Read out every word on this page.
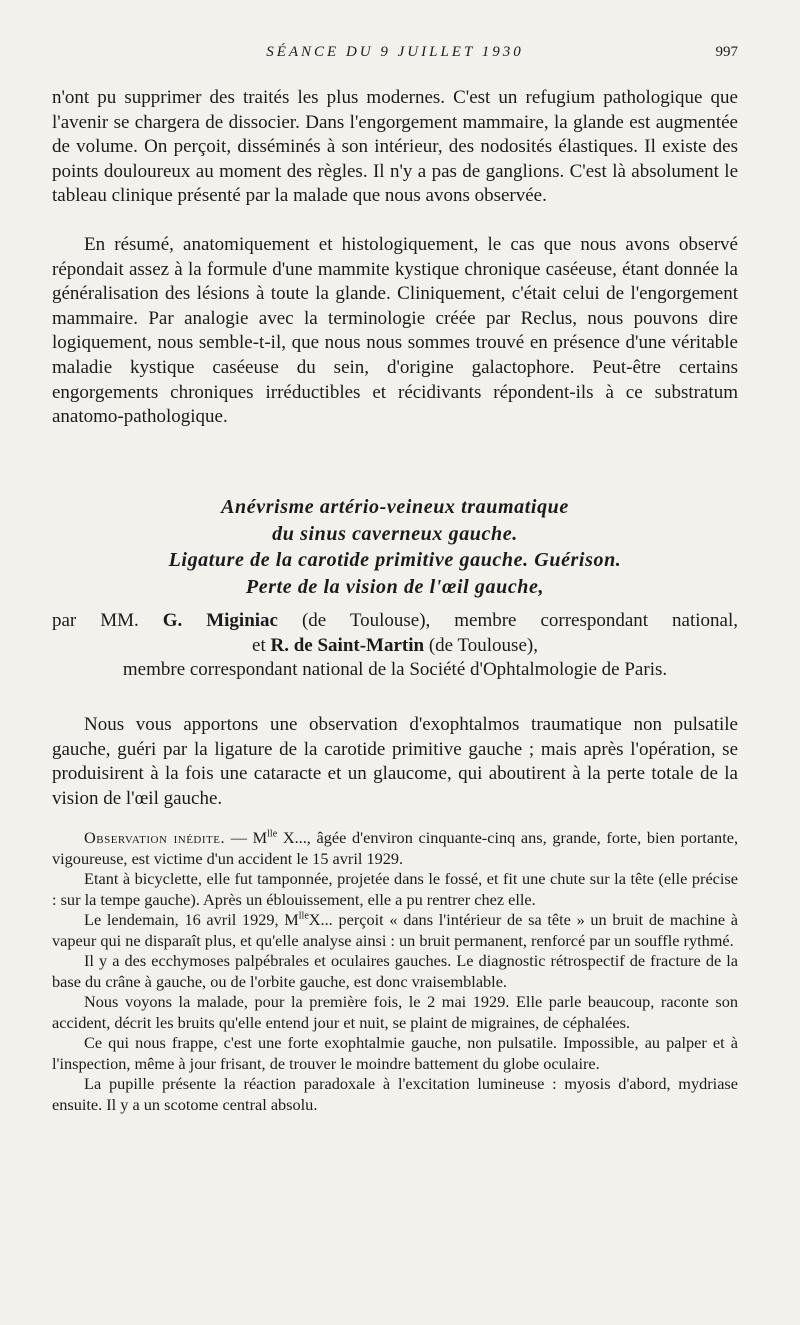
SÉANCE DU 9 JUILLET 1930	997

n'ont pu supprimer des traités les plus modernes. C'est un refugium pathologique que l'avenir se chargera de dissocier. Dans l'engorgement mammaire, la glande est augmentée de volume. On perçoit, disséminés à son intérieur, des nodosités élastiques. Il existe des points douloureux au moment des règles. Il n'y a pas de ganglions. C'est là absolument le tableau clinique présenté par la malade que nous avons observée.

En résumé, anatomiquement et histologiquement, le cas que nous avons observé répondait assez à la formule d'une mammite kystique chronique caséeuse, étant donnée la généralisation des lésions à toute la glande. Cliniquement, c'était celui de l'engorgement mammaire. Par analogie avec la terminologie créée par Reclus, nous pouvons dire logiquement, nous semble-t-il, que nous nous sommes trouvé en présence d'une véritable maladie kystique caséeuse du sein, d'origine galactophore. Peut-être certains engorgements chroniques irréductibles et récidivants répondent-ils à ce substratum anatomo-pathologique.

Anévrisme artério-veineux traumatique
du sinus caverneux gauche.
Ligature de la carotide primitive gauche. Guérison.
Perte de la vision de l'œil gauche,
par MM. G. Miginiac (de Toulouse), membre correspondant national,
et R. de Saint-Martin (de Toulouse),
membre correspondant national de la Société d'Ophtalmologie de Paris.

Nous vous apportons une observation d'exophtalmos traumatique non pulsatile gauche, guéri par la ligature de la carotide primitive gauche ; mais après l'opération, se produisirent à la fois une cataracte et un glaucome, qui aboutirent à la perte totale de la vision de l'œil gauche.

Observation inédite. — $M^{lle}$ X..., âgée d'environ cinquante-cinq ans, grande, forte, bien portante, vigoureuse, est victime d'un accident le 15 avril 1929.

Etant à bicyclette, elle fut tamponnée, projetée dans le fossé, et fit une chute sur la tête (elle précise : sur la tempe gauche). Après un éblouissement, elle a pu rentrer chez elle.

Le lendemain, 16 avril 1929, $M^{lle}X$... perçoit « dans l'intérieur de sa tête » un bruit de machine à vapeur qui ne disparaît plus, et qu'elle analyse ainsi : un bruit permanent, renforcé par un souffle rythmé.

Il y a des ecchymoses palpébrales et oculaires gauches. Le diagnostic rétrospectif de fracture de la base du crâne à gauche, ou de l'orbite gauche, est donc vraisemblable.

Nous voyons la malade, pour la première fois, le 2 mai 1929. Elle parle beaucoup, raconte son accident, décrit les bruits qu'elle entend jour et nuit, se plaint de migraines, de céphalées.

Ce qui nous frappe, c'est une forte exophtalmie gauche, non pulsatile. Impossible, au palper et à l'inspection, même à jour frisant, de trouver le moindre battement du globe oculaire.

La pupille présente la réaction paradoxale à l'excitation lumineuse : myosis d'abord, mydriase ensuite. Il y a un scotome central absolu.
